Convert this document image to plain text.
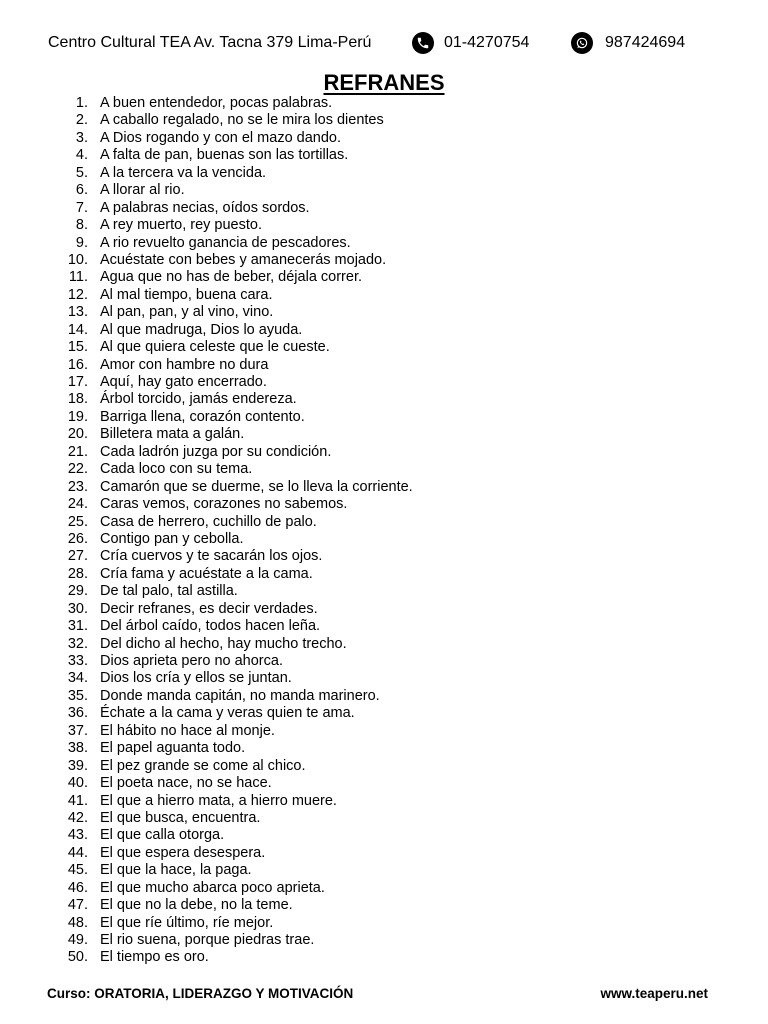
Centro Cultural TEA Av. Tacna 379 Lima-Perú	01-4270754	987424694
REFRANES
1. A buen entendedor, pocas palabras.
2. A caballo regalado, no se le mira los dientes
3. A Dios rogando y con el mazo dando.
4. A falta de pan, buenas son las tortillas.
5. A la tercera va la vencida.
6. A llorar al rio.
7. A palabras necias, oídos sordos.
8. A rey muerto, rey puesto.
9. A rio revuelto ganancia de pescadores.
10. Acuéstate con bebes y amanecerás mojado.
11. Agua que no has de beber, déjala correr.
12. Al mal tiempo, buena cara.
13. Al pan, pan, y al vino, vino.
14. Al que madruga, Dios lo ayuda.
15. Al que quiera celeste que le cueste.
16. Amor con hambre no dura
17. Aquí, hay gato encerrado.
18. Árbol torcido, jamás endereza.
19. Barriga llena, corazón contento.
20. Billetera mata a galán.
21. Cada ladrón juzga por su condición.
22. Cada loco con su tema.
23. Camarón que se duerme, se lo lleva la corriente.
24. Caras vemos, corazones no sabemos.
25. Casa de herrero, cuchillo de palo.
26. Contigo pan y cebolla.
27. Cría cuervos y te sacarán los ojos.
28. Cría fama y acuéstate a la cama.
29. De tal palo, tal astilla.
30. Decir refranes, es decir verdades.
31. Del árbol caído, todos hacen leña.
32. Del dicho al hecho, hay mucho trecho.
33. Dios aprieta pero no ahorca.
34. Dios los cría y ellos se juntan.
35. Donde manda capitán, no manda marinero.
36. Échate a la cama y veras quien te ama.
37. El hábito no hace al monje.
38. El papel aguanta todo.
39. El pez grande se come al chico.
40. El poeta nace, no se hace.
41. El que a hierro mata, a hierro muere.
42. El que busca, encuentra.
43. El que calla otorga.
44. El que espera desespera.
45. El que la hace, la paga.
46. El que mucho abarca poco aprieta.
47. El que no la debe, no la teme.
48. El que ríe último, ríe mejor.
49. El rio suena, porque piedras trae.
50. El tiempo es oro.
Curso: ORATORIA, LIDERAZGO Y MOTIVACIÓN	www.teaperu.net
